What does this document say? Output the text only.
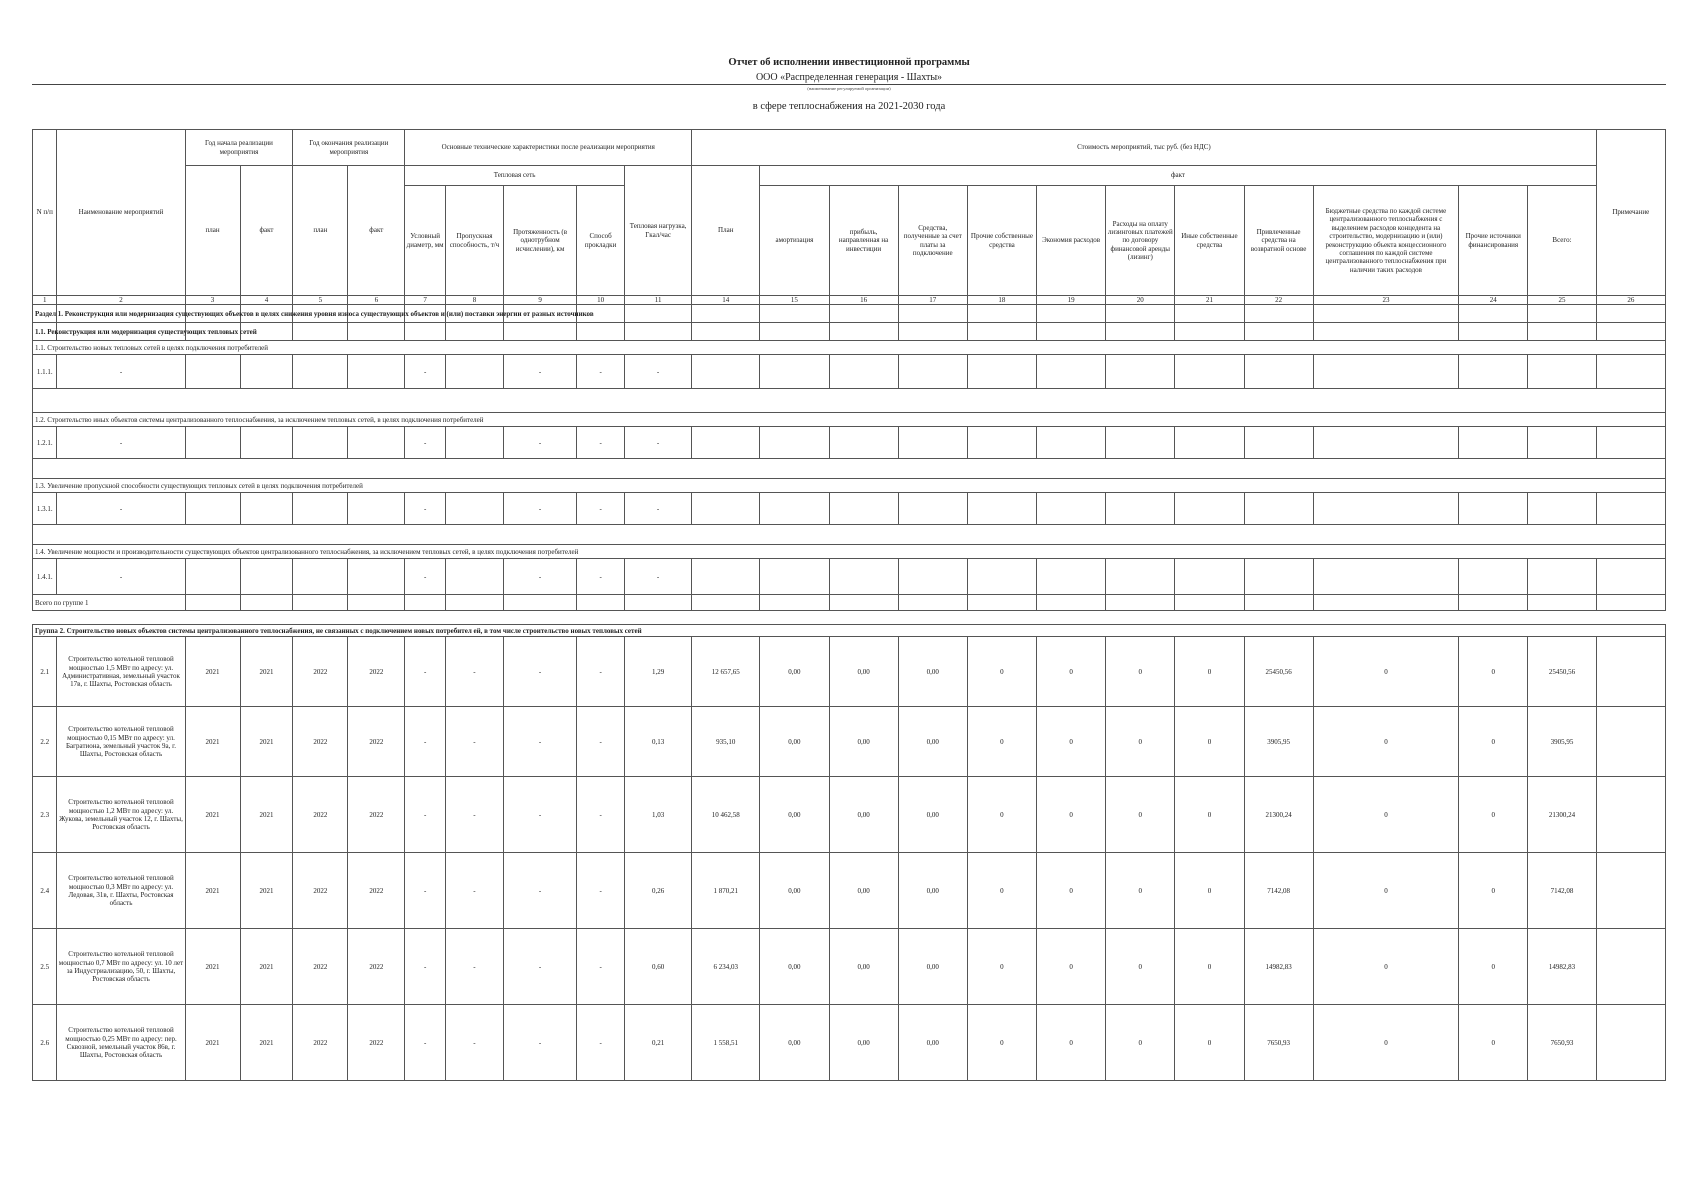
Отчет об исполнении инвестиционной программы
ООО «Распределенная генерация - Шахты»
(наименование регулируемой организации)
в сфере теплоснабжения на 2021-2030 года
N п/п	Наименование мероприятий	Год начала реализации мероприятия		Год окончания реализации мероприятия		Основные технические характеристики после реализации мероприятия					Стоимость мероприятий, тыс руб. (без НДС)												Примечание
		план	факт	план	факт	Тепловая сеть				Тепловая нагрузка, Гкал/час	План	факт											
						Условный диаметр, мм	Пропускная способность, т/ч	Протяженность (в однотрубном исчислении), км	Способ прокладки			амортизация	прибыль, направленная на инвестиции	Средства, полученные за счет платы за подключение	Прочие собственные средства	Экономия расходов	Расходы на оплату лизинговых платежей по договору финансовой аренды (лизинг)	Иные собственные средства	Привлеченные средства на возвратной основе	Бюджетные средства по каждой системе централизованного теплоснабжения с выделением расходов концедента на строительство, модернизацию и (или) реконструкцию объекта концессионного соглашения по каждой системе централизованного теплоснабжения при наличии таких расходов	Прочие источники финансирования	Всего:	
1	2	3	4	5	6	7	8	9	10	11	14	15	16	17	18	19	20	21	22	23	24	25	26
Раздел 1. Реконструкция или модернизация существующих объектов в целях снижения уровня износа существующих объектов и (или) поставки энергии от разных источников																							
1.1. Реконструкция или модернизация существующих тепловых сетей																							
1.1. Строительство новых тепловых сетей в целях подключения потребителей																							
1.1.1.	-					-		-	-	-													

1.2. Строительство иных объектов системы централизованного теплоснабжения, за исключением тепловых сетей, в целях подключения потребителей																							
1.2.1.	-					-		-	-	-													

1.3. Увеличение пропускной способности существующих тепловых сетей в целях подключения потребителей																							
1.3.1.	-					-		-	-	-													

1.4. Увеличение мощности и производительности существующих объектов централизованного теплоснабжения, за исключением тепловых сетей, в целях подключения потребителей																							
1.4.1.	-					-		-	-	-													
Всего по группе 1																							

Группа 2. Строительство новых объектов системы централизованного теплоснабжения, не связанных с подключением новых потребител ей, в том числе строительство новых тепловых сетей																							
2.1	Строительство котельной тепловой мощностью 1,5 МВт по адресу: ул. Административная, земельный участок 17в, г. Шахты, Ростовская область	2021	2021	2022	2022	-	-	-	-	1,29	12 657,65	0,00	0,00	0,00	0	0	0	0	25450,56	0	0	25450,56	
2.2	Строительство котельной тепловой мощностью 0,15 МВт по адресу: ул. Багратиона, земельный участок 9а, г. Шахты, Ростовская область	2021	2021	2022	2022	-	-	-	-	0,13	935,10	0,00	0,00	0,00	0	0	0	0	3905,95	0	0	3905,95	
2.3	Строительство котельной тепловой мощностью 1,2 МВт по адресу: ул. Жукова, земельный участок 12, г. Шахты, Ростовская область	2021	2021	2022	2022	-	-	-	-	1,03	10 462,58	0,00	0,00	0,00	0	0	0	0	21300,24	0	0	21300,24	
2.4	Строительство котельной тепловой мощностью 0,3 МВт по адресу: ул. Ледовая, 31в, г. Шахты, Ростовская область	2021	2021	2022	2022	-	-	-	-	0,26	1 870,21	0,00	0,00	0,00	0	0	0	0	7142,08	0	0	7142,08	
2.5	Строительство котельной тепловой мощностью 0,7 МВт по адресу: ул. 10 лет за Индустриализацию, 50, г. Шахты, Ростовская область	2021	2021	2022	2022	-	-	-	-	0,60	6 234,03	0,00	0,00	0,00	0	0	0	0	14982,83	0	0	14982,83	
2.6	Строительство котельной тепловой мощностью 0,25 МВт по адресу: пер. Сквозной, земельный участок 86в, г. Шахты, Ростовская область	2021	2021	2022	2022	-	-	-	-	0,21	1 558,51	0,00	0,00	0,00	0	0	0	0	7650,93	0	0	7650,93	
